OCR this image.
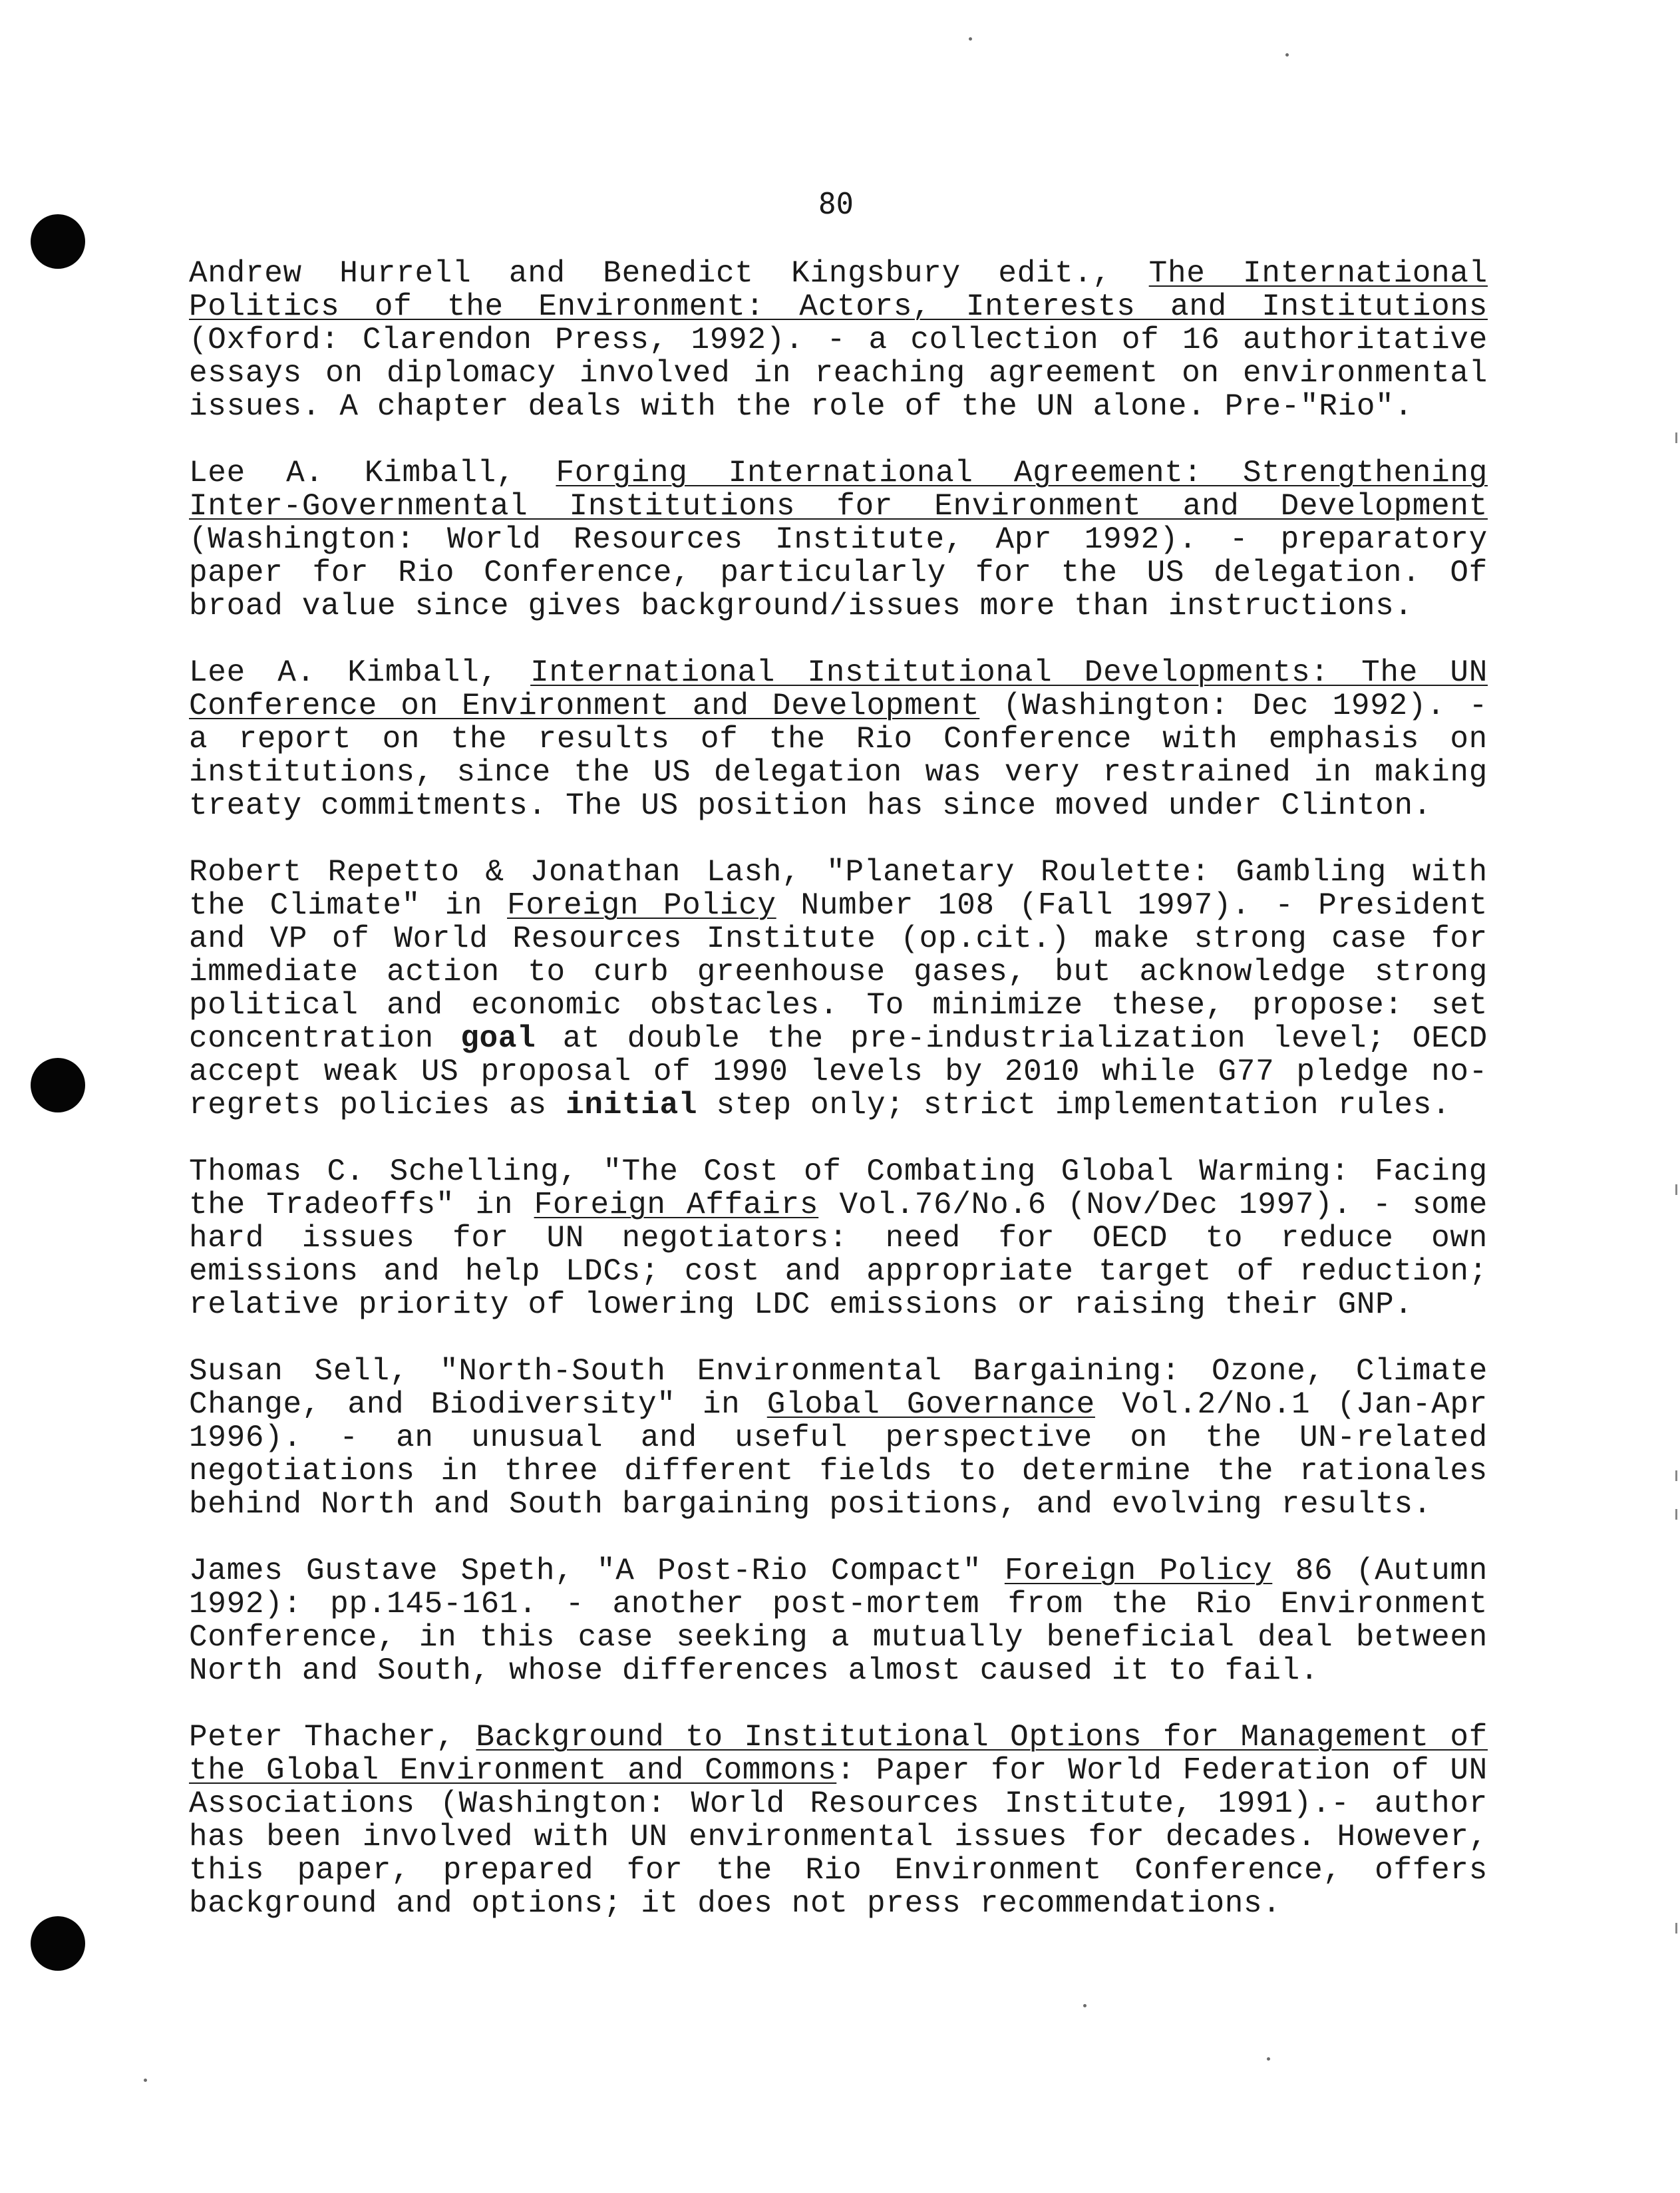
80

Andrew Hurrell and Benedict Kingsbury edit., The International Politics of the Environment: Actors, Interests and Institutions (Oxford: Clarendon Press, 1992). - a collection of 16 authoritative essays on diplomacy involved in reaching agreement on environmental issues. A chapter deals with the role of the UN alone. Pre-"Rio".

Lee A. Kimball, Forging International Agreement: Strengthening Inter-Governmental Institutions for Environment and Development (Washington: World Resources Institute, Apr 1992). - preparatory paper for Rio Conference, particularly for the US delegation. Of broad value since gives background/issues more than instructions.

Lee A. Kimball, International Institutional Developments: The UN Conference on Environment and Development (Washington: Dec 1992). - a report on the results of the Rio Conference with emphasis on institutions, since the US delegation was very restrained in making treaty commitments. The US position has since moved under Clinton.

Robert Repetto & Jonathan Lash, "Planetary Roulette: Gambling with the Climate" in Foreign Policy Number 108 (Fall 1997). - President and VP of World Resources Institute (op.cit.) make strong case for immediate action to curb greenhouse gases, but acknowledge strong political and economic obstacles. To minimize these, propose: set concentration goal at double the pre-industrialization level; OECD accept weak US proposal of 1990 levels by 2010 while G77 pledge no-regrets policies as initial step only; strict implementation rules.

Thomas C. Schelling, "The Cost of Combating Global Warming: Facing the Tradeoffs" in Foreign Affairs Vol.76/No.6 (Nov/Dec 1997). - some hard issues for UN negotiators: need for OECD to reduce own emissions and help LDCs; cost and appropriate target of reduction; relative priority of lowering LDC emissions or raising their GNP.

Susan Sell, "North-South Environmental Bargaining: Ozone, Climate Change, and Biodiversity" in Global Governance Vol.2/No.1 (Jan-Apr 1996). - an unusual and useful perspective on the UN-related negotiations in three different fields to determine the rationales behind North and South bargaining positions, and evolving results.

James Gustave Speth, "A Post-Rio Compact" Foreign Policy 86 (Autumn 1992): pp.145-161. - another post-mortem from the Rio Environment Conference, in this case seeking a mutually beneficial deal between North and South, whose differences almost caused it to fail.

Peter Thacher, Background to Institutional Options for Management of the Global Environment and Commons: Paper for World Federation of UN Associations (Washington: World Resources Institute, 1991).- author has been involved with UN environmental issues for decades. However, this paper, prepared for the Rio Environment Conference, offers background and options; it does not press recommendations.
